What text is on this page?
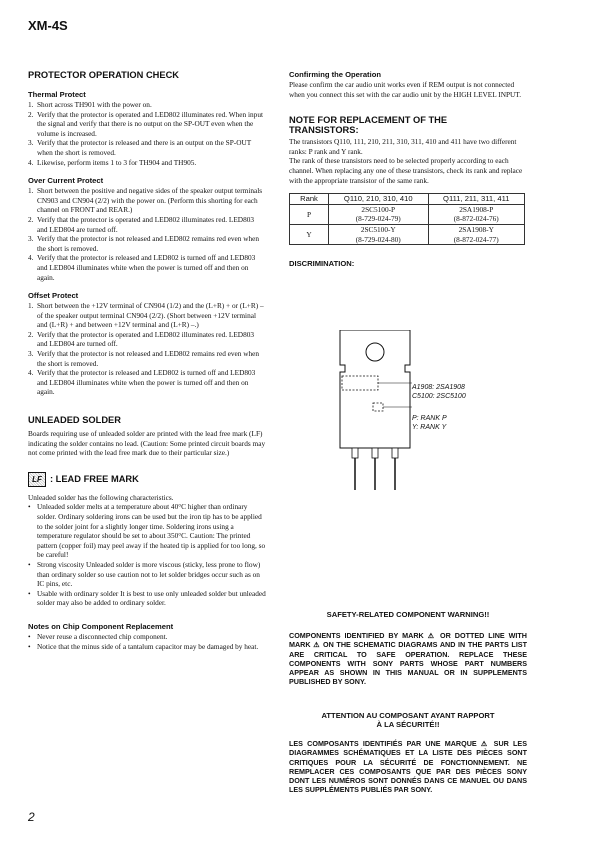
XM-4S
PROTECTOR OPERATION CHECK
Thermal Protect
1. Short across TH901 with the power on.
2. Verify that the protector is operated and LED802 illuminates red. When input the signal and verify that there is no output on the SP-OUT even when the volume is increased.
3. Verify that the protector is released and there is an output on the SP-OUT when the short is removed.
4. Likewise, perform items 1 to 3 for TH904 and TH905.
Over Current Protect
1. Short between the positive and negative sides of the speaker output terminals CN903 and CN904 (2/2) with the power on. (Perform this shorting for each channel on FRONT and REAR.)
2. Verify that the protector is operated and LED802 illuminates red. LED803 and LED804 are turned off.
3. Verify that the protector is not released and LED802 remains red even when the short is removed.
4. Verify that the protector is released and LED802 is turned off and LED803 and LED804 illuminates white when the power is turned off and then on again.
Offset Protect
1. Short between the +12V terminal of CN904 (1/2) and the (L+R) + or (L+R) – of the speaker output terminal CN904 (2/2). (Short between +12V terminal and (L+R) + and between +12V terminal and (L+R) –.)
2. Verify that the protector is operated and LED802 illuminates red. LED803 and LED804 are turned off.
3. Verify that the protector is not released and LED802 remains red even when the short is removed.
4. Verify that the protector is released and LED802 is turned off and LED803 and LED804 illuminates white when the power is turned off and then on again.
UNLEADED SOLDER

Boards requiring use of unleaded solder are printed with the lead free mark (LF) indicating the solder contains no lead. (Caution: Some printed circuit boards may not come printed with the lead free mark due to their particular size.)

LF : LEAD FREE MARK

Unleaded solder has the following characteristics.

• Unleaded solder melts at a temperature about 40°C higher than ordinary solder. Ordinary soldering irons can be used but the iron tip has to be applied to the solder joint for a slightly longer time. Soldering irons using a temperature regulator should be set to about 350°C. Caution: The printed pattern (copper foil) may peel away if the heated tip is applied for too long, so be careful!
• Strong viscosity Unleaded solder is more viscous (sticky, less prone to flow) than ordinary solder so use caution not to let solder bridges occur such as on IC pins, etc.
• Usable with ordinary solder It is best to use only unleaded solder but unleaded solder may also be added to ordinary solder.
Notes on Chip Component Replacement
• Never reuse a disconnected chip component.
• Notice that the minus side of a tantalum capacitor may be damaged by heat.
Confirming the Operation

Please confirm the car audio unit works even if REM output is not connected when you connect this set with the car audio unit by the HIGH LEVEL INPUT.

NOTE FOR REPLACEMENT OF THE
TRANSISTORS:

The transistors Q110, 111, 210, 211, 310, 311, 410 and 411 have two different ranks: P rank and Y rank.

The rank of these transistors need to be selected properly according to each channel. When replacing any one of these transistors, check its rank and replace with the appropriate transistor of the same rank.

Rank	Q110, 210, 310, 410	Q111, 211, 311, 411
P	2SC5100-P	2SA1908-P
	(8-729-024-79)	(8-872-024-76)
Y	2SC5100-Y	2SA1908-Y
	(8-729-024-80)	(8-872-024-77)
DISCRIMINATION:
A1908: 2SA1908
C5100: 2SC5100
P: RANK P
Y: RANK Y
SAFETY-RELATED COMPONENT WARNING!!
COMPONENTS IDENTIFIED BY MARK ⚠ OR DOTTED LINE WITH MARK ⚠ ON THE SCHEMATIC DIAGRAMS AND IN THE PARTS LIST ARE CRITICAL TO SAFE OPERATION. REPLACE THESE COMPONENTS WITH SONY PARTS WHOSE PART NUMBERS APPEAR AS SHOWN IN THIS MANUAL OR IN SUPPLEMENTS PUBLISHED BY SONY.
ATTENTION AU COMPOSANT AYANT RAPPORT
À LA SÉCURITÉ!!
LES COMPOSANTS IDENTIFIÉS PAR UNE MARQUE ⚠ SUR LES DIAGRAMMES SCHÉMATIQUES ET LA LISTE DES PIÈCES SONT CRITIQUES POUR LA SÉCURITÉ DE FONCTIONNEMENT. NE REMPLACER CES COMPOSANTS QUE PAR DES PIÈCES SONY DONT LES NUMÉROS SONT DONNÉS DANS CE MANUEL OU DANS LES SUPPLÉMENTS PUBLIÉS PAR SONY.
2
